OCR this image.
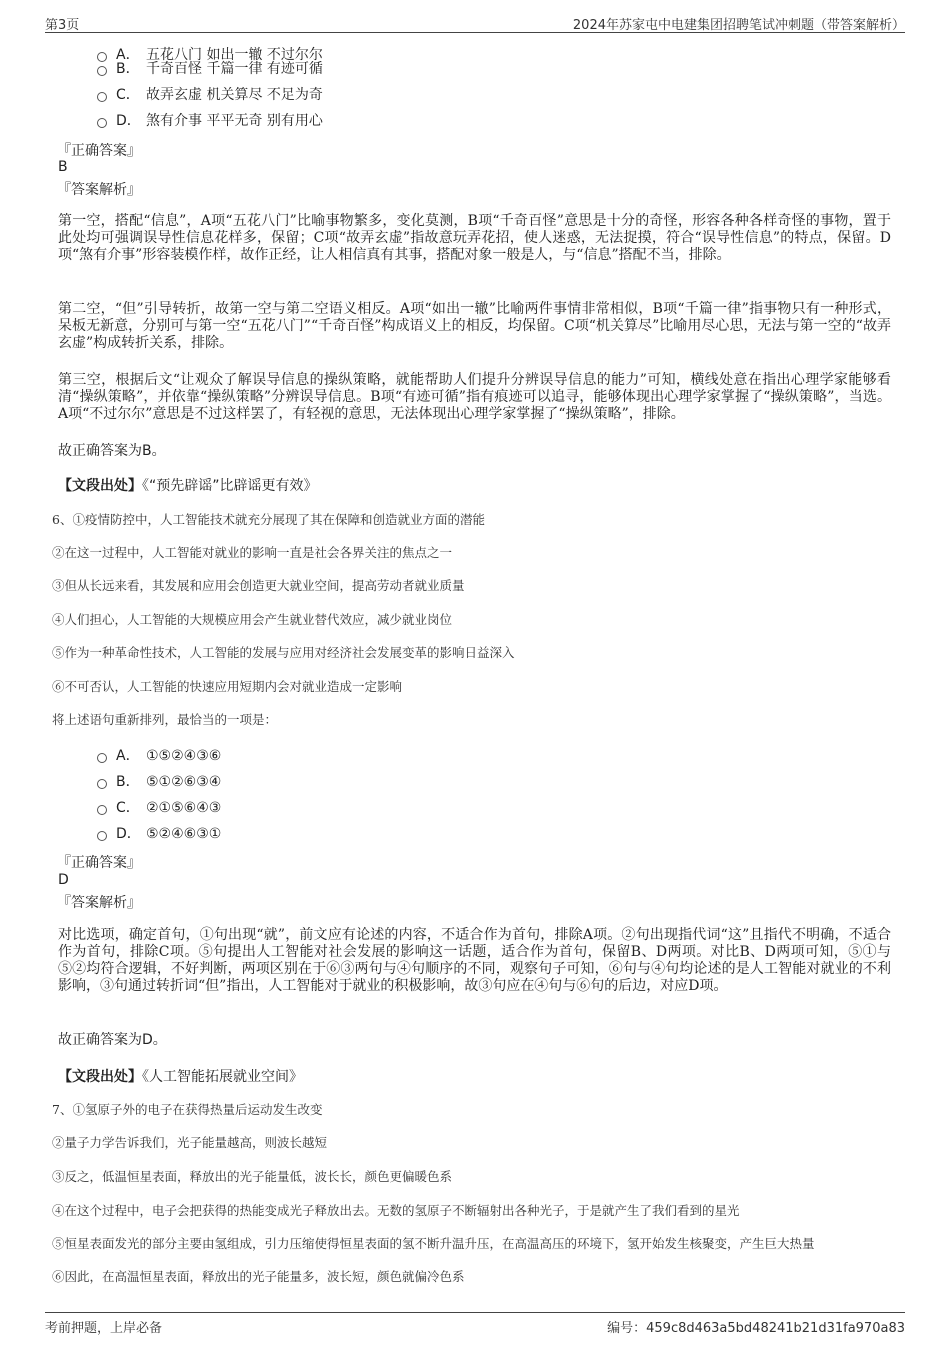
第3页	2024年苏家屯中电建集团招聘笔试冲刺题（带答案解析）
A． 五花八门 如出一辙 不过尔尔
B． 千奇百怪 千篇一律 有迹可循
C． 故弄玄虚 机关算尽 不足为奇
D． 煞有介事 平平无奇 别有用心
『正确答案』
B
『答案解析』
第一空，搭配“信息”，A项“五花八门”比喻事物繁多，变化莫测，B项“千奇百怪”意思是十分的奇怪，形容各种各样奇怪的事物，置于此处均可强调误导性信息花样多，保留；C项“故弄玄虚”指故意玩弄花招，使人迷惑，无法捉摸，符合“误导性信息”的特点，保留。D项“煞有介事”形容装模作样，故作正经，让人相信真有其事，搭配对象一般是人，与“信息”搭配不当，排除。
第二空，“但”引导转折，故第一空与第二空语义相反。A项“如出一辙”比喻两件事情非常相似，B项“千篇一律”指事物只有一种形式，呆板无新意，分别可与第一空“五花八门”“千奇百怪”构成语义上的相反，均保留。C项“机关算尽”比喻用尽心思，无法与第一空的“故弄玄虚”构成转折关系，排除。
第三空，根据后文“让观众了解误导信息的操纵策略，就能帮助人们提升分辨误导信息的能力”可知，横线处意在指出心理学家能够看清“操纵策略”，并依靠“操纵策略”分辨误导信息。B项“有迹可循”指有痕迹可以追寻，能够体现出心理学家掌握了“操纵策略”，当选。A项“不过尔尔”意思是不过这样罢了，有轻视的意思，无法体现出心理学家掌握了“操纵策略”，排除。
故正确答案为B。
【文段出处】《“预先辟谣”比辟谣更有效》
6、①疫情防控中，人工智能技术就充分展现了其在保障和创造就业方面的潜能
②在这一过程中，人工智能对就业的影响一直是社会各界关注的焦点之一
③但从长远来看，其发展和应用会创造更大就业空间，提高劳动者就业质量
④人们担心，人工智能的大规模应用会产生就业替代效应，减少就业岗位
⑤作为一种革命性技术，人工智能的发展与应用对经济社会发展变革的影响日益深入
⑥不可否认，人工智能的快速应用短期内会对就业造成一定影响
将上述语句重新排列，最恰当的一项是：
A． ①⑤②④③⑥
B． ⑤①②⑥③④
C． ②①⑤⑥④③
D． ⑤②④⑥③①
『正确答案』
D
『答案解析』
对比选项，确定首句，①句出现“就”，前文应有论述的内容，不适合作为首句，排除A项。②句出现指代词“这”且指代不明确，不适合作为首句，排除C项。⑤句提出人工智能对社会发展的影响这一话题，适合作为首句，保留B、D两项。对比B、D两项可知，⑤①与⑤②均符合逻辑，不好判断，两项区别在于⑥③两句与④句顺序的不同，观察句子可知，⑥句与④句均论述的是人工智能对就业的不利影响，③句通过转折词“但”指出，人工智能对于就业的积极影响，故③句应在④句与⑥句的后边，对应D项。
故正确答案为D。
【文段出处】《人工智能拓展就业空间》
7、①氢原子外的电子在获得热量后运动发生改变
②量子力学告诉我们，光子能量越高，则波长越短
③反之，低温恒星表面，释放出的光子能量低，波长长，颜色更偏暖色系
④在这个过程中，电子会把获得的热能变成光子释放出去。无数的氢原子不断辐射出各种光子，于是就产生了我们看到的星光
⑤恒星表面发光的部分主要由氢组成，引力压缩使得恒星表面的氢不断升温升压，在高温高压的环境下，氢开始发生核聚变，产生巨大热量
⑥因此，在高温恒星表面，释放出的光子能量多，波长短，颜色就偏冷色系
考前押题，上岸必备	编号：459c8d463a5bd48241b21d31fa970a83
